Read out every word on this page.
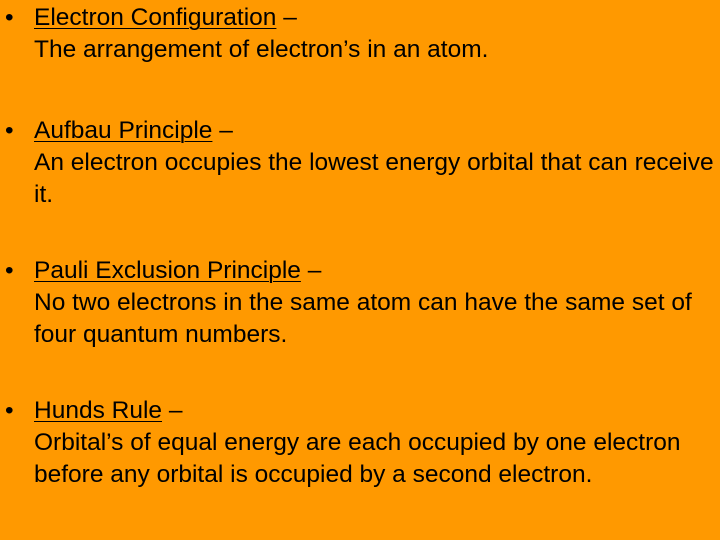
• Electron Configuration –
The arrangement of electron’s in an atom.
• Aufbau Principle –
An electron occupies the lowest energy orbital that can receive it.
• Pauli Exclusion Principle –
No two electrons in the same atom can have the same set of four quantum numbers.
• Hunds Rule –
Orbital’s of equal energy are each occupied by one electron before any orbital is occupied by a second electron.
